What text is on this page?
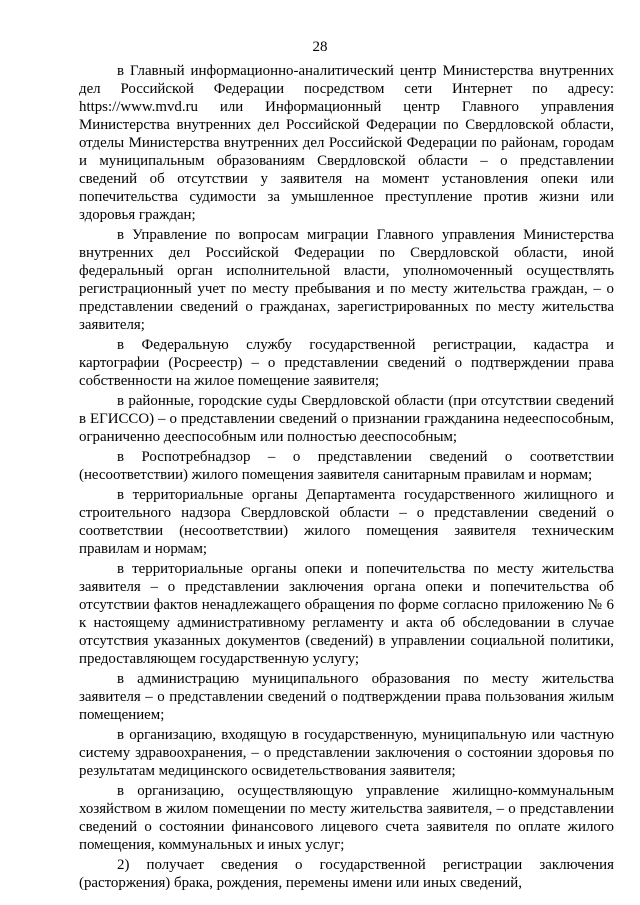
28

в Главный информационно-аналитический центр Министерства внутренних дел Российской Федерации посредством сети Интернет по адресу: https://www.mvd.ru или Информационный центр Главного управления Министерства внутренних дел Российской Федерации по Свердловской области, отделы Министерства внутренних дел Российской Федерации по районам, городам и муниципальным образованиям Свердловской области – о представлении сведений об отсутствии у заявителя на момент установления опеки или попечительства судимости за умышленное преступление против жизни или здоровья граждан;

в Управление по вопросам миграции Главного управления Министерства внутренних дел Российской Федерации по Свердловской области, иной федеральный орган исполнительной власти, уполномоченный осуществлять регистрационный учет по месту пребывания и по месту жительства граждан, – о представлении сведений о гражданах, зарегистрированных по месту жительства заявителя;

в Федеральную службу государственной регистрации, кадастра и картографии (Росреестр) – о представлении сведений о подтверждении права собственности на жилое помещение заявителя;

в районные, городские суды Свердловской области (при отсутствии сведений в ЕГИССО) – о представлении сведений о признании гражданина недееспособным, ограниченно дееспособным или полностью дееспособным;

в Роспотребнадзор – о представлении сведений о соответствии (несоответствии) жилого помещения заявителя санитарным правилам и нормам;

в территориальные органы Департамента государственного жилищного и строительного надзора Свердловской области – о представлении сведений о соответствии (несоответствии) жилого помещения заявителя техническим правилам и нормам;

в территориальные органы опеки и попечительства по месту жительства заявителя – о представлении заключения органа опеки и попечительства об отсутствии фактов ненадлежащего обращения по форме согласно приложению № 6 к настоящему административному регламенту и акта об обследовании в случае отсутствия указанных документов (сведений) в управлении социальной политики, предоставляющем государственную услугу;

в администрацию муниципального образования по месту жительства заявителя – о представлении сведений о подтверждении права пользования жилым помещением;

в организацию, входящую в государственную, муниципальную или частную систему здравоохранения, – о представлении заключения о состоянии здоровья по результатам медицинского освидетельствования заявителя;

в организацию, осуществляющую управление жилищно-коммунальным хозяйством в жилом помещении по месту жительства заявителя, – о представлении сведений о состоянии финансового лицевого счета заявителя по оплате жилого помещения, коммунальных и иных услуг;

2) получает сведения о государственной регистрации заключения (расторжения) брака, рождения, перемены имени или иных сведений,
